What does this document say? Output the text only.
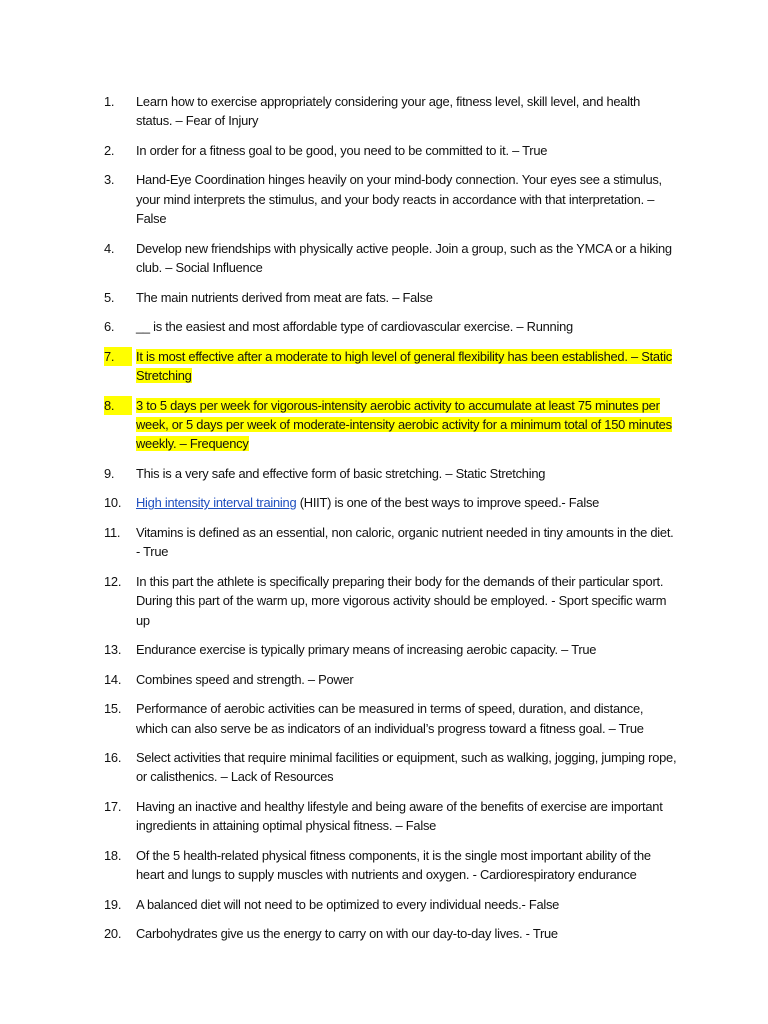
1.	Learn how to exercise appropriately considering your age, fitness level, skill level, and health status. – Fear of Injury
2.	In order for a fitness goal to be good, you need to be committed to it. – True
3.	Hand-Eye Coordination hinges heavily on your mind-body connection. Your eyes see a stimulus, your mind interprets the stimulus, and your body reacts in accordance with that interpretation. – False
4.	Develop new friendships with physically active people. Join a group, such as the YMCA or a hiking club. – Social Influence
5.	The main nutrients derived from meat are fats. – False
6.	__ is the easiest and most affordable type of cardiovascular exercise. – Running
7.	It is most effective after a moderate to high level of general flexibility has been established. – Static Stretching
8.	3 to 5 days per week for vigorous-intensity aerobic activity to accumulate at least 75 minutes per week, or 5 days per week of moderate-intensity aerobic activity for a minimum total of 150 minutes weekly. – Frequency
9.	This is a very safe and effective form of basic stretching. – Static Stretching
10.	High intensity interval training (HIIT) is one of the best ways to improve speed.- False
11.	Vitamins is defined as an essential, non caloric, organic nutrient needed in tiny amounts in the diet. - True
12.	In this part the athlete is specifically preparing their body for the demands of their particular sport. During this part of the warm up, more vigorous activity should be employed. - Sport specific warm up
13.	Endurance exercise is typically primary means of increasing aerobic capacity. – True
14.	Combines speed and strength. – Power
15.	Performance of aerobic activities can be measured in terms of speed, duration, and distance, which can also serve be as indicators of an individual’s progress toward a fitness goal. – True
16.	Select activities that require minimal facilities or equipment, such as walking, jogging, jumping rope, or calisthenics. – Lack of Resources
17.	Having an inactive and healthy lifestyle and being aware of the benefits of exercise are important ingredients in attaining optimal physical fitness. – False
18.	Of the 5 health-related physical fitness components, it is the single most important ability of the heart and lungs to supply muscles with nutrients and oxygen. - Cardiorespiratory endurance
19.	A balanced diet will not need to be optimized to every individual needs.- False
20.	Carbohydrates give us the energy to carry on with our day-to-day lives. - True
